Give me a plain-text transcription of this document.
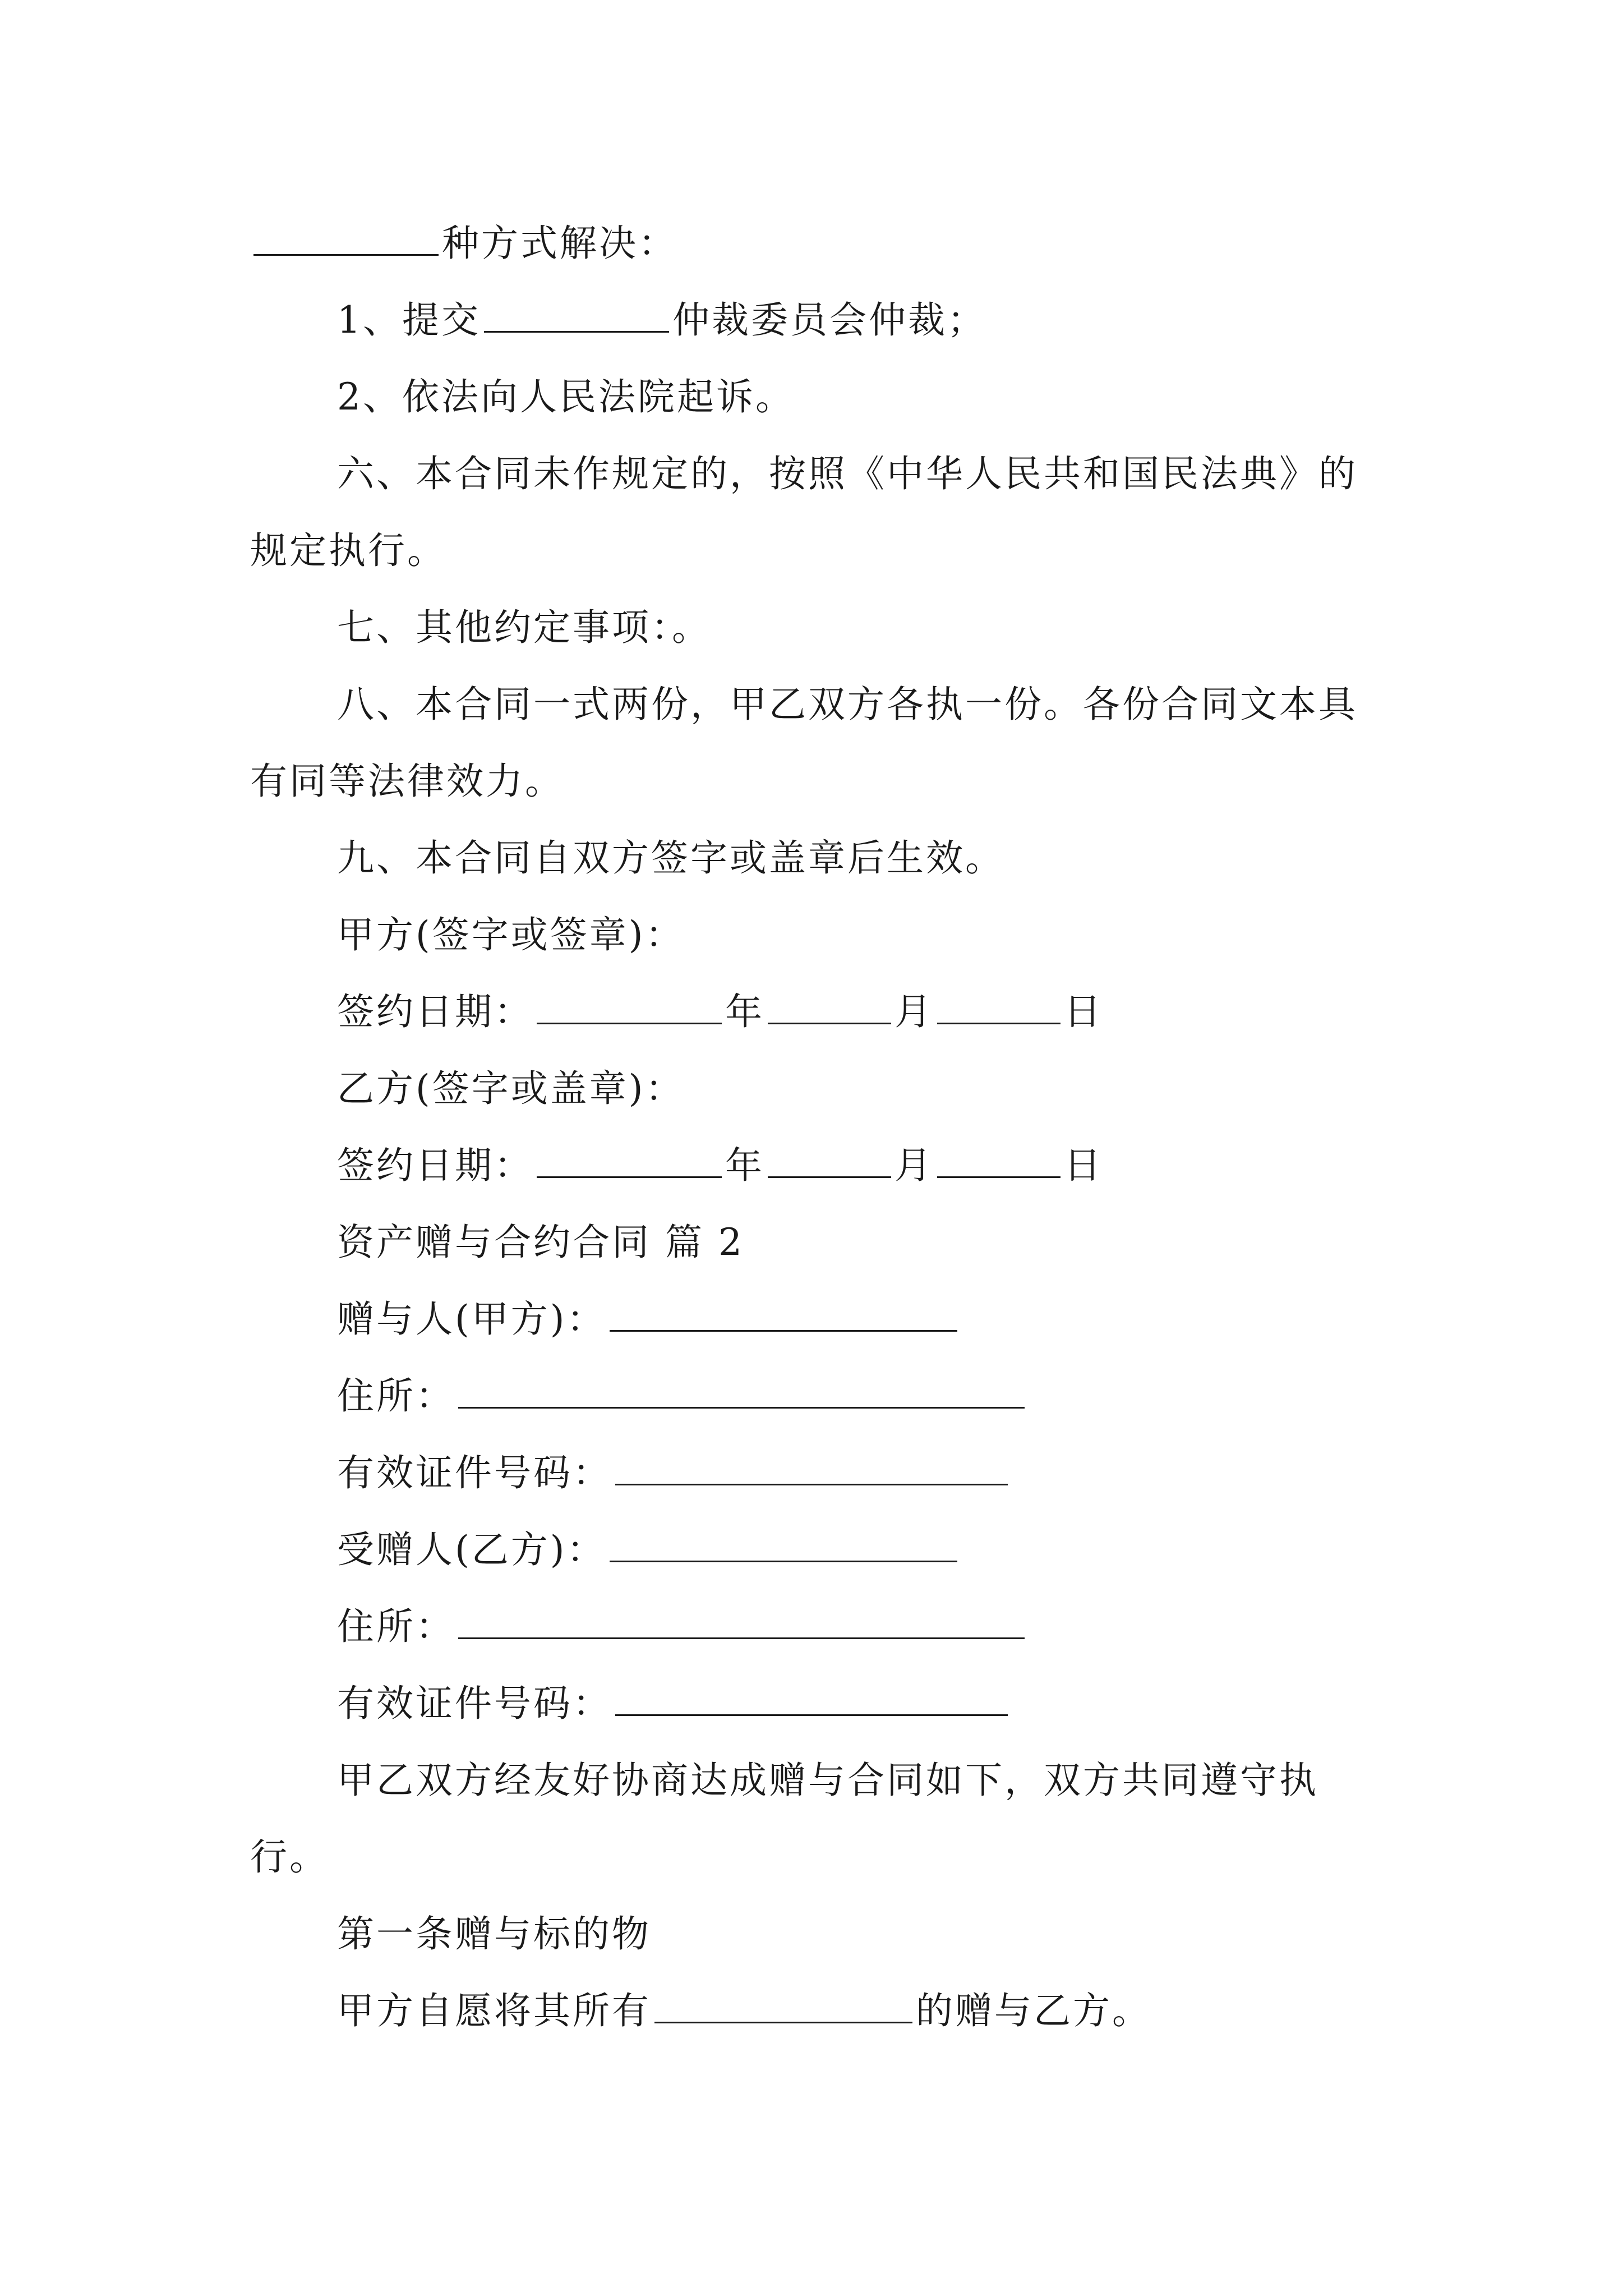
种方式解决：

1、提交	仲裁委员会仲裁；

2、依法向人民法院起诉。

六、本合同未作规定的，按照《中华人民共和国民法典》的规定执行。

七、其他约定事项：。

八、本合同一式两份，甲乙双方各执一份。各份合同文本具有同等法律效力。

九、本合同自双方签字或盖章后生效。

甲方(签字或签章)：

签约日期：	年	月	日

乙方(签字或盖章)：

签约日期：	年	月	日

资产赠与合约合同 篇 2

赠与人(甲方)：

住所：

有效证件号码：

受赠人(乙方)：

住所：

有效证件号码：

甲乙双方经友好协商达成赠与合同如下，双方共同遵守执行。

第一条赠与标的物

甲方自愿将其所有	的赠与乙方。
